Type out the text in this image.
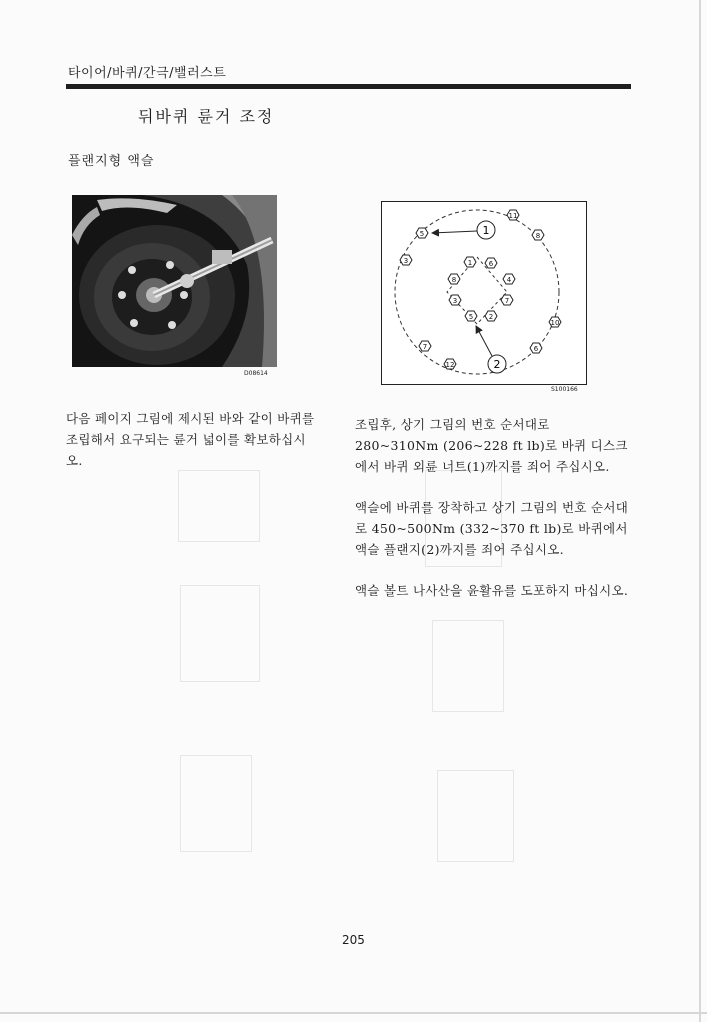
타이어/바퀴/간극/밸러스트
뒤바퀴 륜거 조정
플랜지형 액슬
D08614
5
11
8
3
10
6
7
12
1 6
8	4
3	7
5 2
1
2
S100166
다음 페이지 그림에 제시된 바와 같이 바퀴를 조립해서 요구되는 륜거 넓이를 확보하십시오.

조립후, 상기 그림의 번호 순서대로 280~310Nm (206~228 ft lb)로 바퀴 디스크에서 바퀴 외륜 너트(1)까지를 죄어 주십시오.

액슬에 바퀴를 장착하고 상기 그림의 번호 순서대로 450~500Nm (332~370 ft lb)로 바퀴에서 액슬 플랜지(2)까지를 죄어 주십시오.

액슬 볼트 나사산을 윤활유를 도포하지 마십시오.

205
